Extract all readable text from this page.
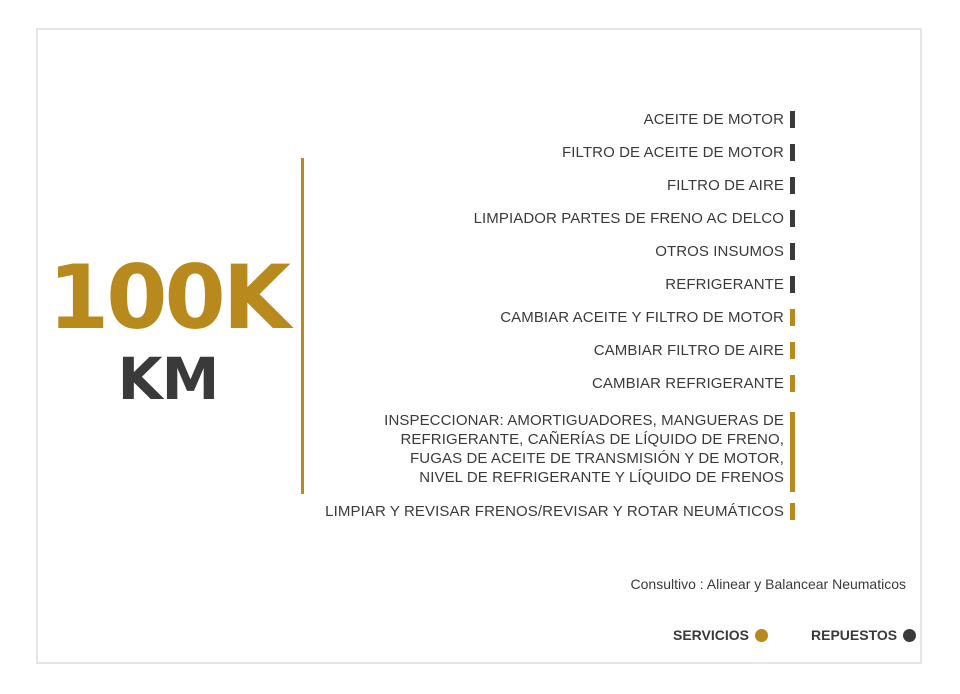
100K
KM
ACEITE DE MOTOR
FILTRO DE ACEITE DE MOTOR
FILTRO DE AIRE
LIMPIADOR PARTES DE FRENO AC DELCO
OTROS INSUMOS
REFRIGERANTE
CAMBIAR ACEITE Y FILTRO DE MOTOR
CAMBIAR FILTRO DE AIRE
CAMBIAR REFRIGERANTE
INSPECCIONAR: AMORTIGUADORES, MANGUERAS DE
REFRIGERANTE, CAÑERÍAS DE LÍQUIDO DE FRENO,
FUGAS DE ACEITE DE TRANSMISIÓN Y DE MOTOR,
NIVEL DE REFRIGERANTE Y LÍQUIDO DE FRENOS
LIMPIAR Y REVISAR FRENOS/REVISAR Y ROTAR NEUMÁTICOS
Consultivo : Alinear y Balancear Neumaticos
SERVICIOS	REPUESTOS
